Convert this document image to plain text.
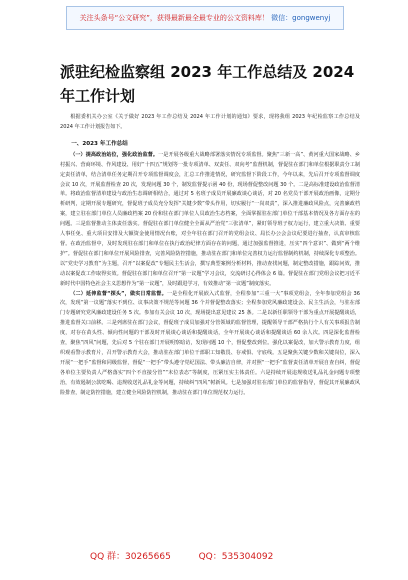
关注头条号“公文研究”，获得最新最全最专业的公文资料库！ 微信：gongwenyj
派驻纪检监察组 2023 年工作总结及 2024 年工作计划

根据委机关办公室《关于做好 2023 年工作总结及 2024 年工作计划的通知》要求，现将我组 2023 年纪检监察工作总结及 2024 年工作计划报告如下。

一、2023 年工作总结

（一）提高政治站位，强化政治监督。一是开展各级重大战略部署落实情况专项监督。聚焦“三新一高”、黄河重大国家战略、乡村振兴、营商环境、作风建设、用好“十四五”规划等一批专项清单、双责任、双向考“监督机制，督促驻在部门和单位根据职责分工制定责任清单，结合清单任务定期召开专项监督调度会，汇总工作推进情况，研究监督下阶段工作，今年以来，先后召开专项监督调度会议 10 次，开展监督检查 20 次，发现问题 30 个，制发监督提示函 40 份，现场督促整改问题 30 个。二是高标准建设政治监督清单。将政治监督清单建设与政治生态调研相结合，通过对 5 名班子成员开展廉政谈心谈话，对 20 名党员干部开展政治画像，定期分析研判，定期开展专题研究，督促班子成员充分发挥“关键少数”带头作用，切实履行“一岗双责”，深入推进廉政风险点，完善廉政档案，建立驻在部门单位人员廉政档案 20 份和驻在部门单位人员政治生态档案，全面掌握驻在部门单位干部基本情况及各方面存在的问题。三是监督推动主体责任落实。督促驻在部门单位健全全面从严治党“三张清单”，紧盯领导班子权力运行，建立重大决策、重要人事任免、重大项目安排及大额资金使用情况台账，对全年驻在部门召开的党组会议、局长办公会会议纪要进行抽查，认真审核监督。在政治监督中，及时发现驻在部门和单位在执行政治纪律方面存在的问题，通过加强监督推进，压实“四个意识”、做到“两个维护”。督促驻在部门和单位开展风险排查，完善风险防控措施，推动驻在部门和单位完善权力运行监督制约机制，持续深化专项整治。以“党史学习教育”为主题，召开“以案促改”专题民主生活会，撰写典型案例分析材料，推动查找问题，制定整改措施，跟踪问效，推动以案促改工作取得实效。督促驻在部门和单位召开“第一议题”学习会议，交流研讨心得体会 6 篇。督促驻在部门党组会议把习近平新时代中国特色社会主义思想作为“第一议题”，及时跟进学习，有效推动“第一议题”制度落实。

（二）延伸监督“探头”，做实日常监督。一是全程化开展嵌入式监督，全程参加“三重一大”事项党组会，全年参加党组会 36 次，发现“第一议题”落实不到位、议事决策不规范等问题 36 个并督促整改落实；全程参加党风廉政建设会、民主生活会，与驻在部门专题研究党风廉政建设任务 5 次。参加有关会议 10 次，现场提出意见建议 25 条。二是以新任职领导干部为重点开展提醒谈话，推进监督关口前移。三是列席驻在部门会议，督促班子成员加强对分管领域的监督管理，提醒领导干部严格执行个人有关事项报告制度，对存在苗头性、倾向性问题的干部及时开展谈心谈话和提醒谈话，全年开展谈心谈话和提醒谈话 60 余人次。四是深化监督检查，聚焦“四风”问题，先后对 5 个驻在部门开展明察暗访，发现问题 10 个，督促整改到位。强化以案促改，加大警示教育力度，组织观看警示教育片，召开警示教育大会，推动驻在部门单位干部职工知敬畏、存戒惧、守底线。五是聚焦关键少数和关键岗位，深入开展“一把手”监督和同级监督，督促“一把手”带头遵守党纪国法、带头廉洁自律，并对照“一把手”监督责任清单开展自查自纠，督促各单位主要负责人严格落实“四个不直接分管”“末位表态”等制度，压紧压实主体责任。六是持续开展违规收送礼品礼金问题专项整治，有效遏制公款吃喝、违规收送礼品礼金等问题，持续纠“四风”树新风。七是加强对驻在部门单位的监督指导，督促其开展廉政风险排查，制定防控措施，建立健全风险防控机制，推动驻在部门单位规范权力运行。

QQ 群：30265665	QQ：535304092
